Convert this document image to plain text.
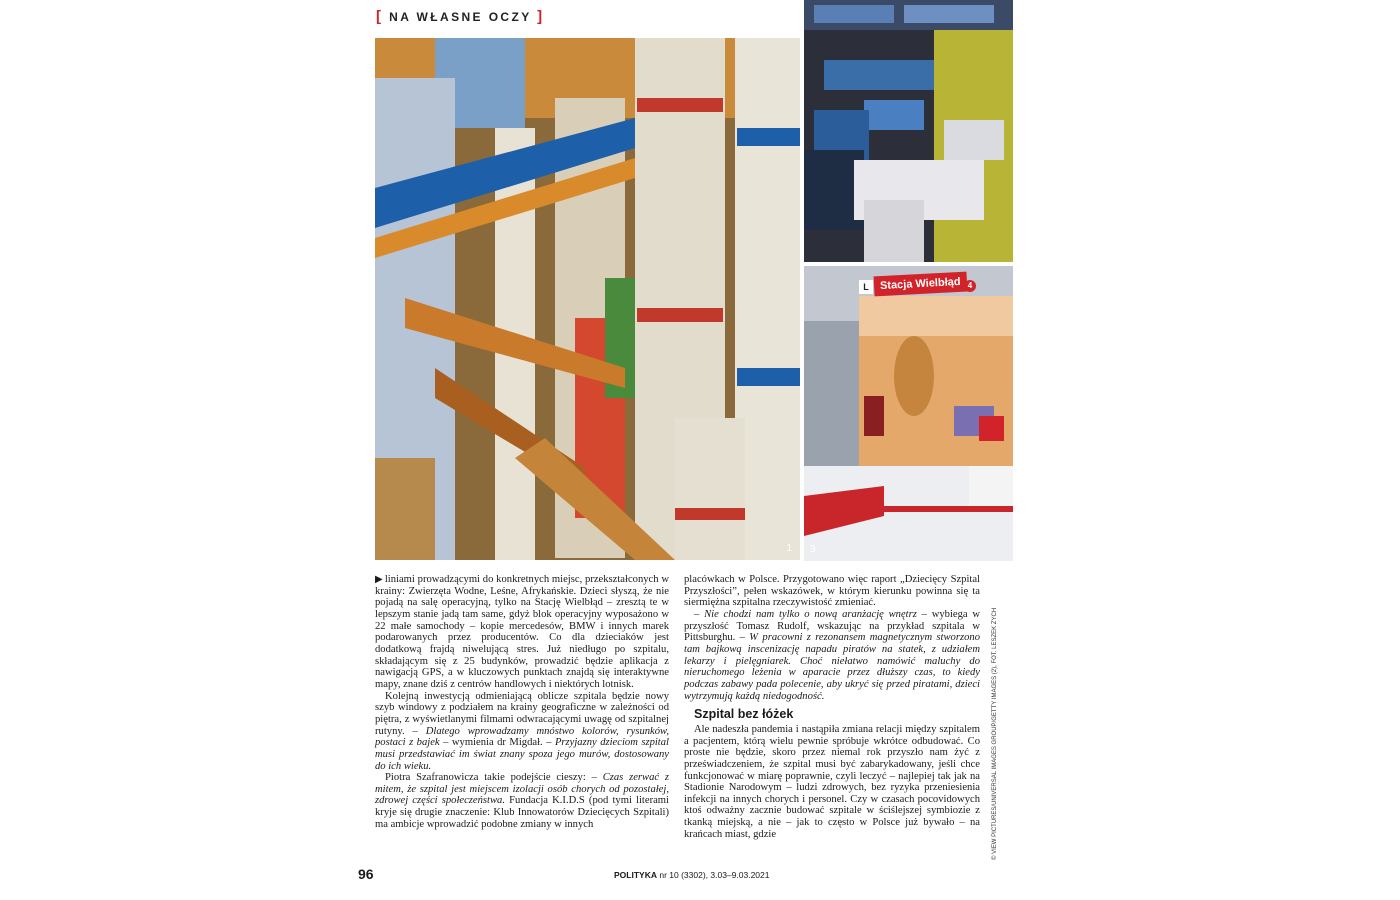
[ NA WŁASNE OCZY ]
1
L Stacja Wielbłąd 4
3

▶ liniami prowadzącymi do konkretnych miejsc, przekształconych w krainy: Zwierzęta Wodne, Leśne, Afrykańskie. Dzieci słyszą, że nie pojadą na salę operacyjną, tylko na Stację Wielbłąd – zresztą te w lepszym stanie jadą tam same, gdyż blok operacyjny wyposażono w 22 małe samochody – kopie mercedesów, BMW i innych marek podarowanych przez producentów. Co dla dzieciaków jest dodatkową frajdą niwelującą stres. Już niedługo po szpitalu, składającym się z 25 budynków, prowadzić będzie aplikacja z nawigacją GPS, a w kluczowych punktach znajdą się interaktywne mapy, znane dziś z centrów handlowych i niektórych lotnisk.

Kolejną inwestycją odmieniającą oblicze szpitala będzie nowy szyb windowy z podziałem na krainy geograficzne w zależności od piętra, z wyświetlanymi filmami odwracającymi uwagę od szpitalnej rutyny. – Dlatego wprowadzamy mnóstwo kolorów, rysunków, postaci z bajek – wymienia dr Migdał. – Przyjazny dzieciom szpital musi przedstawiać im świat znany spoza jego murów, dostosowany do ich wieku.

Piotra Szafranowicza takie podejście cieszy: – Czas zerwać z mitem, że szpital jest miejscem izolacji osób chorych od pozostałej, zdrowej części społeczeństwa. Fundacja K.I.D.S (pod tymi literami kryje się drugie znaczenie: Klub Innowatorów Dziecięcych Szpitali) ma ambicje wprowadzić podobne zmiany w innych

placówkach w Polsce. Przygotowano więc raport „Dziecięcy Szpital Przyszłości”, pełen wskazówek, w którym kierunku powinna się ta siermiężna szpitalna rzeczywistość zmieniać.

– Nie chodzi nam tylko o nową aranżację wnętrz – wybiega w przyszłość Tomasz Rudolf, wskazując na przykład szpitala w Pittsburghu. – W pracowni z rezonansem magnetycznym stworzono tam bajkową inscenizację napadu piratów na statek, z udziałem lekarzy i pielęgniarek. Choć niełatwo namówić maluchy do nieruchomego leżenia w aparacie przez dłuższy czas, to kiedy podczas zabawy pada polecenie, aby ukryć się przed piratami, dzieci wytrzymują każdą niedogodność.

Szpital bez łóżek

Ale nadeszła pandemia i nastąpiła zmiana relacji między szpitalem a pacjentem, którą wielu pewnie spróbuje wkrótce odbudować. Co proste nie będzie, skoro przez niemal rok przyszło nam żyć z przeświadczeniem, że szpital musi być zabarykadowany, jeśli chce funkcjonować w miarę poprawnie, czyli leczyć – najlepiej tak jak na Stadionie Narodowym – ludzi zdrowych, bez ryzyka przeniesienia infekcji na innych chorych i personel. Czy w czasach pocovidowych ktoś odważny zacznie budować szpitale w ściślejszej symbiozie z tkanką miejską, a nie – jak to często w Polsce już bywało – na krańcach miast, gdzie	© VIEW PICTURES/UNIVERSAL IMAGES GROUP/GETTY IMAGES (2), FOT. LESZEK ZYCH
96	POLITYKA nr 10 (3302), 3.03–9.03.2021
